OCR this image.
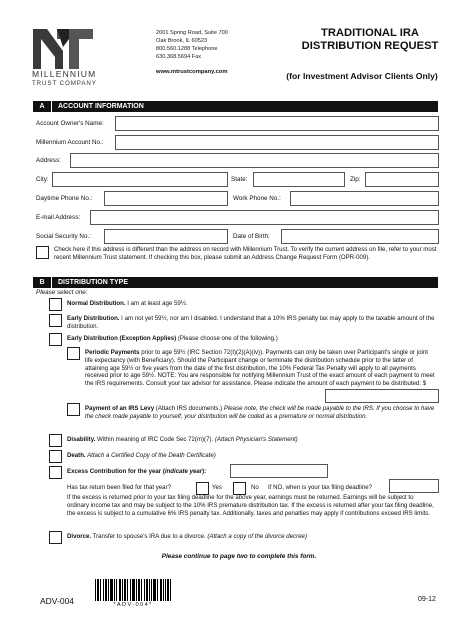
MILLENNIUM
TRUST COMPANY
2001 Spring Road, Suite 700
Oak Brook, IL 60523
800.560.1288 Telephone
630.368.5694 Fax
www.mtrustcompany.com
TRADITIONAL IRA
DISTRIBUTION REQUEST
(for Investment Advisor Clients Only)
A	ACCOUNT INFORMATION
Account Owner's Name:
Millennium Account No.:
Address:
City:	State:	Zip:
Daytime Phone No.:	Work Phone No.:
E-mail Address:
Social Security No.:	Date of Birth:
Check here if this address is different than the address on record with Millennium Trust. To verify the current address on file, refer to your most recent Millennium Trust statement. If checking this box, please submit an Address Change Request Form (OPR-009).
B	DISTRIBUTION TYPE
Please select one:
Normal Distribution. I am at least age 59½.
Early Distribution. I am not yet 59½, nor am I disabled. I understand that a 10% IRS penalty tax may apply to the taxable amount of the distribution.
Early Distribution (Exception Applies) (Please choose one of the following.)
Periodic Payments prior to age 59½ (IRC Section 72(t)(2)(A)(iv)). Payments can only be taken over Participant's single or joint life expectancy (with Beneficiary). Should the Participant change or terminate the distribution schedule prior to the latter of attaining age 59½ or five years from the date of the first distribution, the 10% Federal Tax Penalty will apply to all payments received prior to age 59½. NOTE: You are responsible for notifying Millennium Trust of the exact amount of each payment to meet the IRS requirements. Consult your tax advisor for assistance. Please indicate the amount of each payment to be distributed: $
Payment of an IRS Levy (Attach IRS documents.) Please note, the check will be made payable to the IRS. If you choose to have the check made payable to yourself, your distribution will be coded as a premature or normal distribution.
Disability. Within meaning of IRC Code Sec 72(m)(7). (Attach Physician's Statement)
Death. Attach a Certified Copy of the Death Certificate)
Excess Contribution for the year (indicate year):
Has tax return been filed for that year?	Yes	No If NO, when is your tax filing deadline?
If the excess is returned prior to your tax filing deadline for the above year, earnings must be returned. Earnings will be subject to ordinary income tax and may be subject to the 10% IRS premature distribution tax. If the excess is returned after your tax filing deadline, the excess is subject to a cumulative 6% IRS penalty tax. Additionally, taxes and penalties may apply if contributions exceed IRS limits.
Divorce. Transfer to spouse's IRA due to a divorce. (Attach a copy of the divorce decree)
Please continue to page two to complete this form.
ADV-004	*ADV-004*
09-12
